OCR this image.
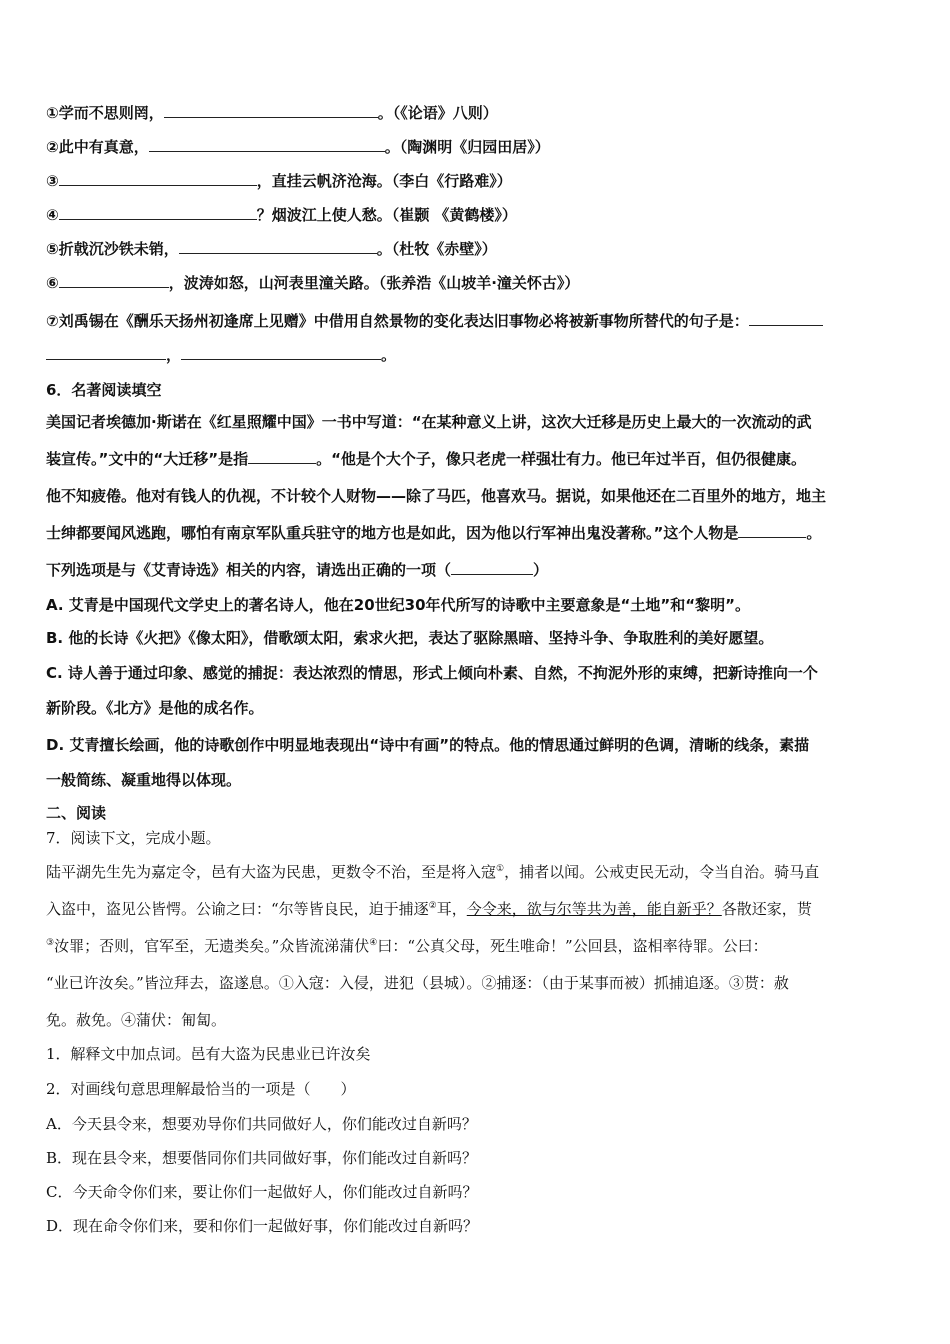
①学而不思则罔，	。（《论语》八则）
②此中有真意，	。（陶渊明《归园田居》）
③	，直挂云帆济沧海。（李白《行路难》）
④	？烟波江上使人愁。（崔颢 《黄鹤楼》）
⑤折戟沉沙铁未销，	。（杜牧《赤壁》）
⑥	，波涛如怒，山河表里潼关路。（张养浩《山坡羊·潼关怀古》）
⑦刘禹锡在《酬乐天扬州初逢席上见赠》中借用自然景物的变化表达旧事物必将被新事物所替代的句子是：
，	。
6．名著阅读填空
美国记者埃德加·斯诺在《红星照耀中国》一书中写道：“在某种意义上讲，这次大迁移是历史上最大的一次流动的武
装宣传。”文中的“大迁移”是指	。“他是个大个子，像只老虎一样强壮有力。他已年过半百，但仍很健康。
他不知疲倦。他对有钱人的仇视，不计较个人财物——除了马匹，他喜欢马。据说，如果他还在二百里外的地方，地主
士绅都要闻风逃跑，哪怕有南京军队重兵驻守的地方也是如此，因为他以行军神出鬼没著称。”这个人物是	。
下列选项是与《艾青诗选》相关的内容，请选出正确的一项（	）
A. 艾青是中国现代文学史上的著名诗人，他在20世纪30年代所写的诗歌中主要意象是“土地”和“黎明”。
B. 他的长诗《火把》《像太阳》，借歌颂太阳，索求火把，表达了驱除黑暗、坚持斗争、争取胜利的美好愿望。
C. 诗人善于通过印象、感觉的捕捉：表达浓烈的情思，形式上倾向朴素、自然，不拘泥外形的束缚，把新诗推向一个
新阶段。《北方》是他的成名作。
D. 艾青擅长绘画，他的诗歌创作中明显地表现出“诗中有画”的特点。他的情思通过鲜明的色调，清晰的线条，素描
一般简练、凝重地得以体现。
二、阅读
7．阅读下文，完成小题。
陆平湖先生先为嘉定令，邑有大盗为民患，更数令不治，至是将入寇①，捕者以闻。公戒吏民无动，令当自治。骑马直
入盗中，盗见公皆愕。公谕之曰：“尔等皆良民，迫于捕逐②耳，今令来，欲与尔等共为善，能自新乎？各散还家，贳
③汝罪；否则，官军至，无遗类矣。”众皆流涕蒲伏④曰：“公真父母，死生唯命！”公回县，盗相率待罪。公曰：
“业已许汝矣。”皆泣拜去，盗遂息。①入寇：入侵，进犯（县城）。②捕逐：（由于某事而被）抓捕追逐。③贳：赦
免。赦免。④蒲伏：匍匐。
1．解释文中加点词。邑有大盗为民患业已许汝矣
2．对画线句意思理解最恰当的一项是（　　）
A．今天县令来，想要劝导你们共同做好人，你们能改过自新吗？
B．现在县令来，想要偕同你们共同做好事，你们能改过自新吗？
C．今天命令你们来，要让你们一起做好人，你们能改过自新吗？
D．现在命令你们来，要和你们一起做好事，你们能改过自新吗？
